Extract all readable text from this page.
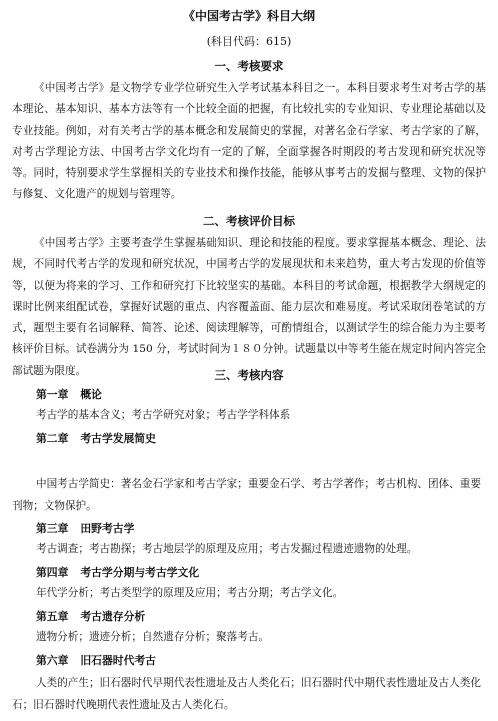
《中国考古学》科目大纲
(科目代码：615)
一、考核要求
《中国考古学》是文物学专业学位研究生入学考试基本科目之一。本科目要求考生对考古学的基本理论、基本知识、基本方法等有一个比较全面的把握，有比较扎实的专业知识、专业理论基础以及专业技能。例如，对有关考古学的基本概念和发展简史的掌握，对著名金石学家、考古学家的了解，对考古学理论方法、中国考古学文化均有一定的了解，全面掌握各时期段的考古发现和研究状况等等。同时，特别要求学生掌握相关的专业技术和操作技能，能够从事考古的发掘与整理、文物的保护与修复、文化遗产的规划与管理等。
二、考核评价目标
《中国考古学》主要考查学生掌握基础知识、理论和技能的程度。要求掌握基本概念、理论、法规，不同时代考古学的发现和研究状况，中国考古学的发展现状和未来趋势，重大考古发现的价值等等，以便为将来的学习、工作和研究打下比较坚实的基础。本科目的考试命题，根据教学大纲规定的课时比例来组配试卷，掌握好试题的重点、内容覆盖面、能力层次和难易度。考试采取闭卷笔试的方式，题型主要有名词解释、简答、论述、阅读理解等，可酌情组合，以测试学生的综合能力为主要考核评价目标。试卷满分为 150 分，考试时间为１８０分钟。试题量以中等考生能在规定时间内答完全部试题为限度。	三、考核内容
第一章 概论
考古学的基本含义；考古学研究对象；考古学学科体系
第二章 考古学发展简史
中国考古学简史：著名金石学家和考古学家；重要金石学、考古学著作；考古机构、团体、重要刊物；文物保护。
第三章 田野考古学
考古调查；考古勘探；考古地层学的原理及应用；考古发掘过程遗迹遗物的处理。
第四章 考古学分期与考古学文化
年代学分析；考古类型学的原理及应用；考古分期；考古学文化。
第五章 考古遗存分析
遗物分析；遗迹分析；自然遗存分析；聚落考古。
第六章 旧石器时代考古
人类的产生；旧石器时代早期代表性遗址及古人类化石；旧石器时代中期代表性遗址及古人类化石；旧石器时代晚期代表性遗址及古人类化石。
